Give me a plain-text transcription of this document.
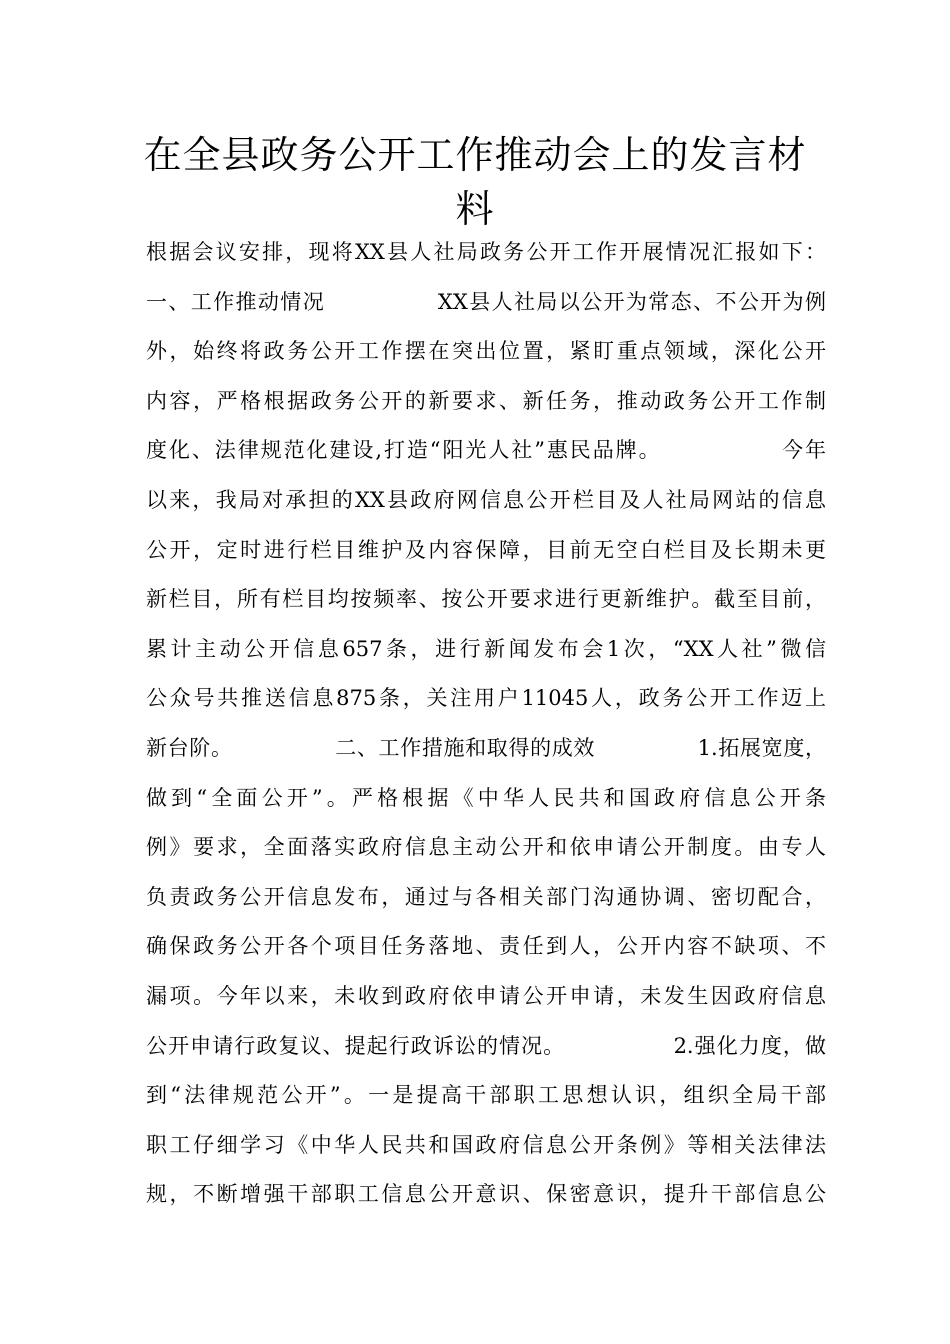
在全县政务公开工作推动会上的发言材
料
根据会议安排，现将XX县人社局政务公开工作开展情况汇报如下：
一、工作推动情况              XX县人社局以公开为常态、不公开为例
外，始终将政务公开工作摆在突出位置，紧盯重点领域，深化公开
内容，严格根据政务公开的新要求、新任务，推动政务公开工作制
度化、法律规范化建设,打造“阳光人社”惠民品牌。              今年
以来，我局对承担的XX县政府网信息公开栏目及人社局网站的信息
公开，定时进行栏目维护及内容保障，目前无空白栏目及长期未更
新栏目，所有栏目均按频率、按公开要求进行更新维护。截至目前，
累计主动公开信息657条，进行新闻发布会1次，“XX人社”微信
公众号共推送信息875条，关注用户11045人，政务公开工作迈上
新台阶。              二、工作措施和取得的成效              1.拓展宽度，
做到“全面公开”。严格根据《中华人民共和国政府信息公开条
例》要求，全面落实政府信息主动公开和依申请公开制度。由专人
负责政务公开信息发布，通过与各相关部门沟通协调、密切配合，
确保政务公开各个项目任务落地、责任到人，公开内容不缺项、不
漏项。今年以来，未收到政府依申请公开申请，未发生因政府信息
公开申请行政复议、提起行政诉讼的情况。              2.强化力度，做
到“法律规范公开”。一是提高干部职工思想认识，组织全局干部
职工仔细学习《中华人民共和国政府信息公开条例》等相关法律法
规，不断增强干部职工信息公开意识、保密意识，提升干部信息公
